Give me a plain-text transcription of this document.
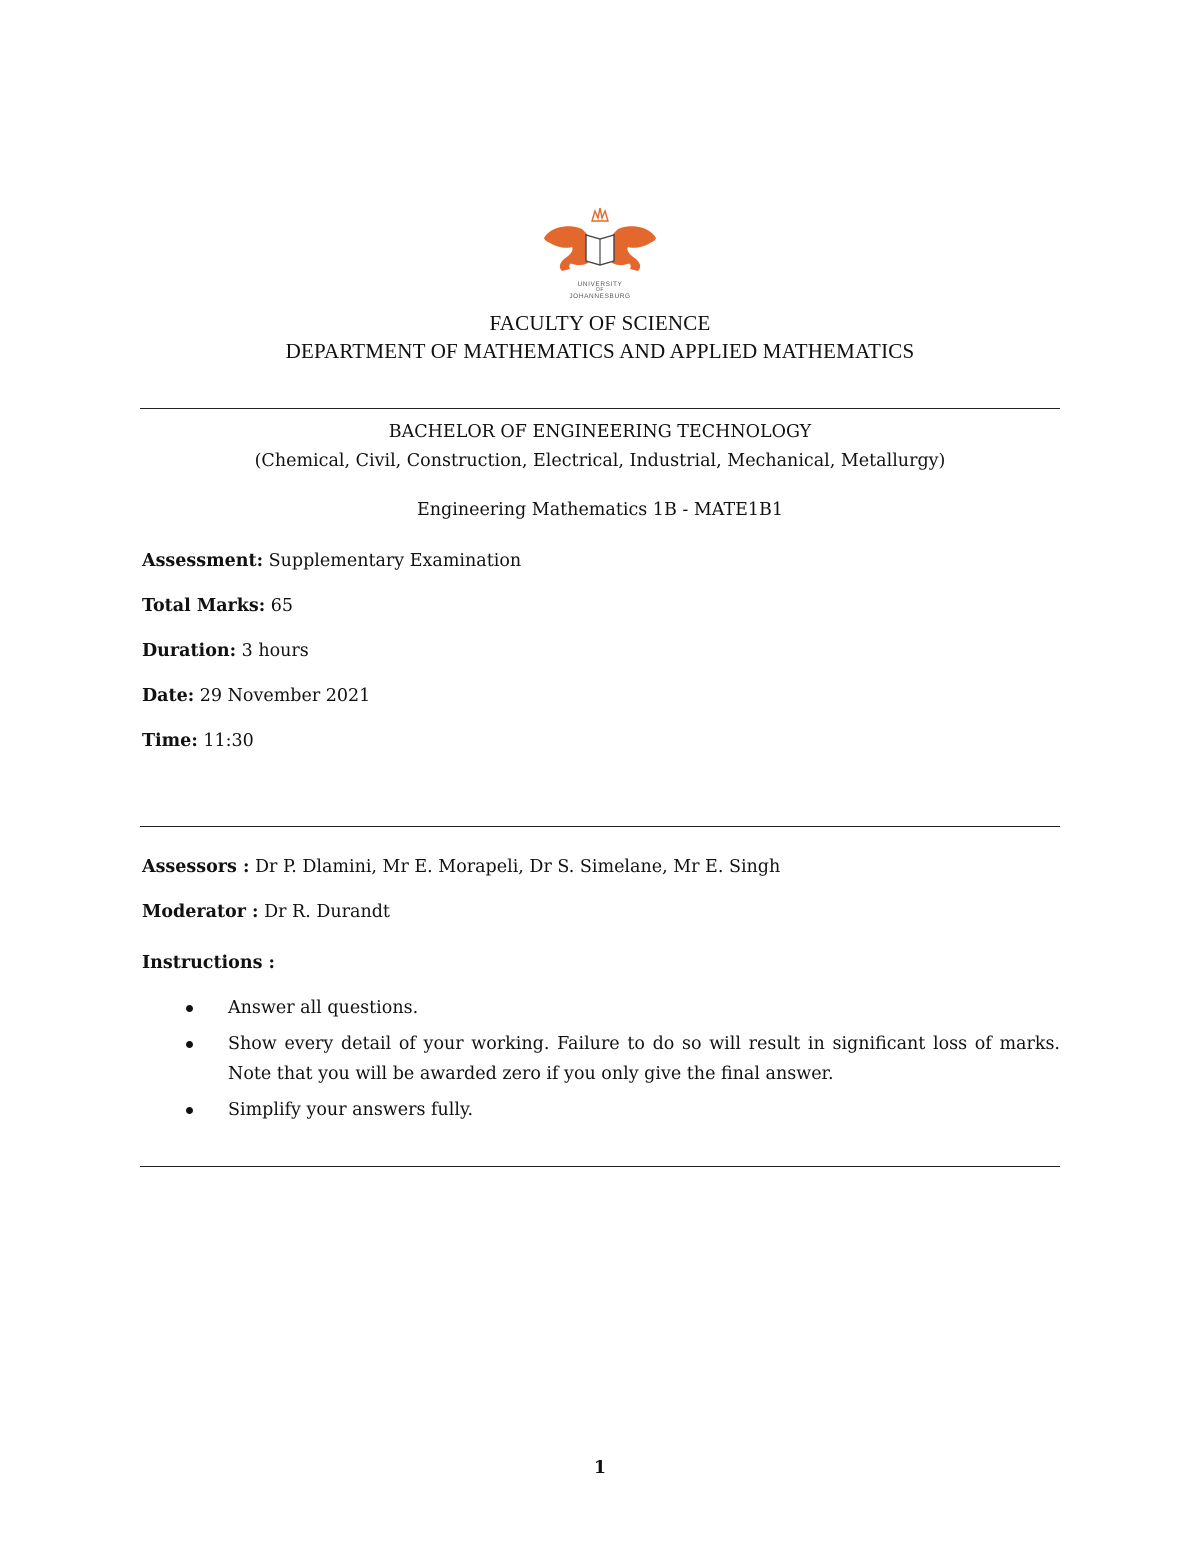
UNIVERSITY
OF
JOHANNESBURG
FACULTY OF SCIENCE
DEPARTMENT OF MATHEMATICS AND APPLIED MATHEMATICS
BACHELOR OF ENGINEERING TECHNOLOGY
(Chemical, Civil, Construction, Electrical, Industrial, Mechanical, Metallurgy)
Engineering Mathematics 1B - MATE1B1
Assessment: Supplementary Examination
Total Marks: 65
Duration: 3 hours
Date: 29 November 2021
Time: 11:30
Assessors : Dr P. Dlamini, Mr E. Morapeli, Dr S. Simelane, Mr E. Singh
Moderator : Dr R. Durandt
Instructions :
Answer all questions.
Show every detail of your working. Failure to do so will result in significant loss of marks. Note that you will be awarded zero if you only give the final answer.
Simplify your answers fully.
1
